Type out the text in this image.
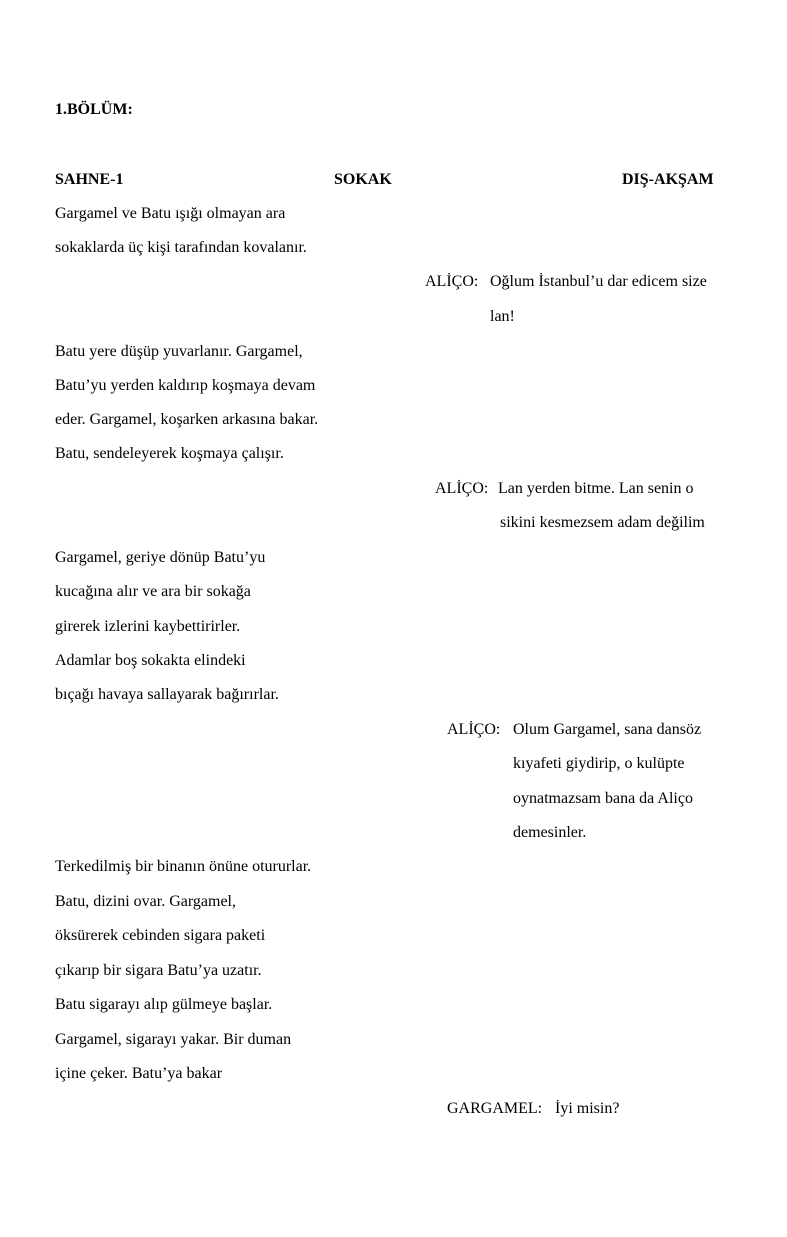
1.BÖLÜM:
SAHNE-1	SOKAK	DIŞ-AKŞAM
Gargamel ve Batu ışığı olmayan ara
sokaklarda üç kişi tarafından kovalanır.
ALİÇO: Oğlum İstanbul’u dar edicem size
lan!
Batu yere düşüp yuvarlanır. Gargamel,
Batu’yu yerden kaldırıp koşmaya devam
eder. Gargamel, koşarken arkasına bakar.
Batu, sendeleyerek koşmaya çalışır.
ALİÇO: Lan yerden bitme. Lan senin o
sikini kesmezsem adam değilim
Gargamel, geriye dönüp Batu’yu
kucağına alır ve ara bir sokağa
girerek izlerini kaybettirirler.
Adamlar boş sokakta elindeki
bıçağı havaya sallayarak bağırırlar.
ALİÇO: Olum Gargamel, sana dansöz
kıyafeti giydirip, o kulüpte
oynatmazsam bana da Aliço
demesinler.
Terkedilmiş bir binanın önüne otururlar.
Batu, dizini ovar. Gargamel,
öksürerek cebinden sigara paketi
çıkarıp bir sigara Batu’ya uzatır.
Batu sigarayı alıp gülmeye başlar.
Gargamel, sigarayı yakar. Bir duman
içine çeker. Batu’ya bakar
GARGAMEL: İyi misin?
